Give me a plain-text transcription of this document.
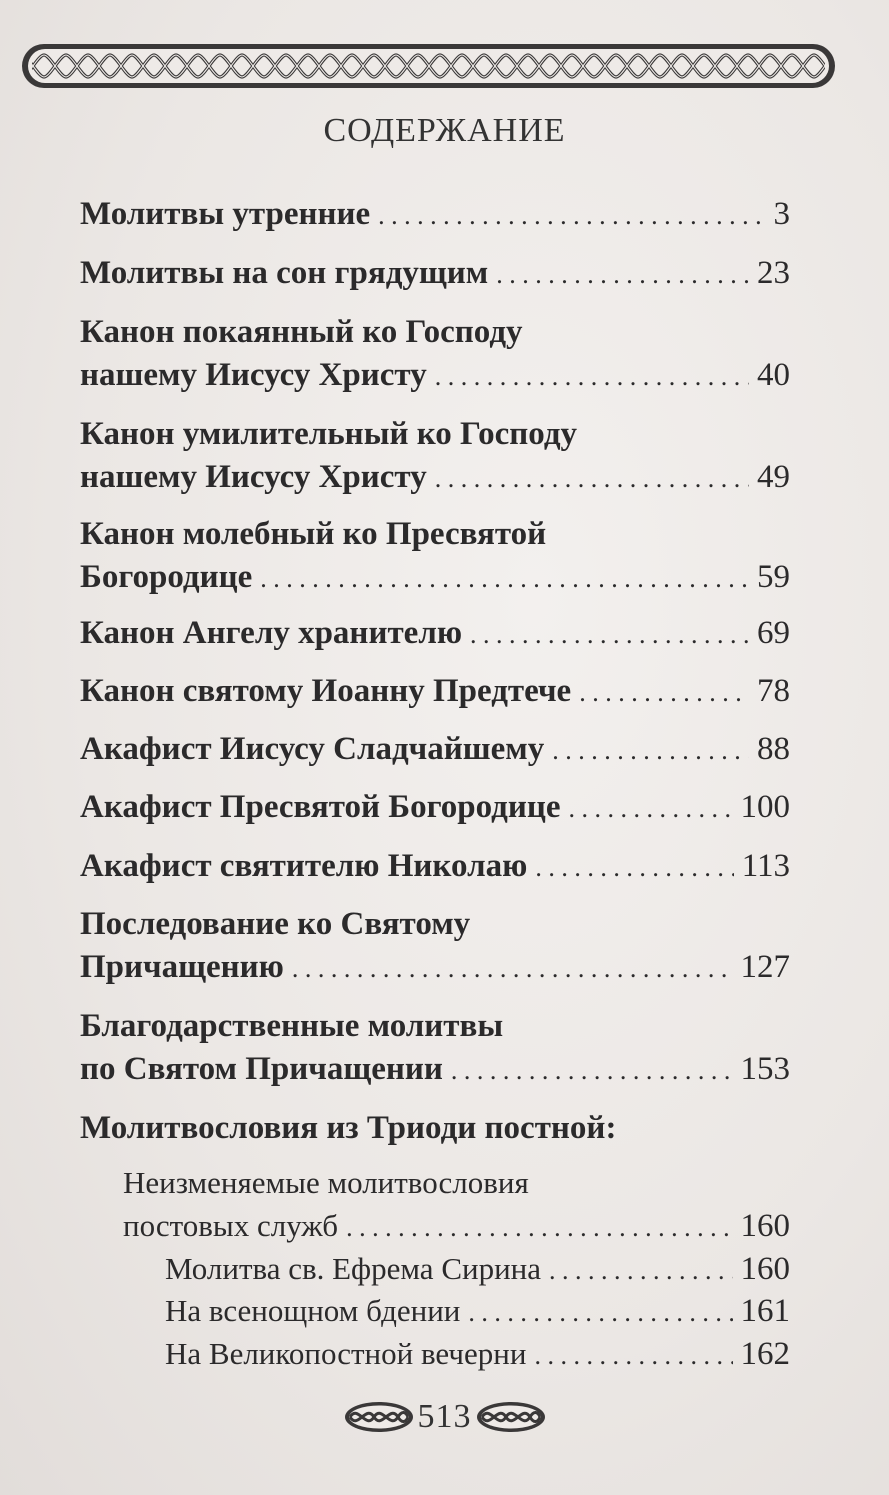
СОДЕРЖАНИЕ
Молитвы утренние . . .	3
Молитвы на сон грядущим . . .	23
Канон покаянный ко Господу
нашему Иисусу Христу . . .	40
Канон умилительный ко Господу
нашему Иисусу Христу . . .	49
Канон молебный ко Пресвятой
Богородице . . .	59
Канон Ангелу хранителю . . .	69
Канон святому Иоанну Предтече . . .	78
Акафист Иисусу Сладчайшему . . .	88
Акафист Пресвятой Богородице . . .	100
Акафист святителю Николаю . . .	113
Последование ко Святому
Причащению . . .	127
Благодарственные молитвы
по Святом Причащении . . .	153
Молитвословия из Триоди постной:
Неизменяемые молитвословия
постовых служб . . .	160
Молитва св. Ефрема Сирина . . .	160
На всенощном бдении . . .	161
На Великопостной вечерни . . .	162
513
